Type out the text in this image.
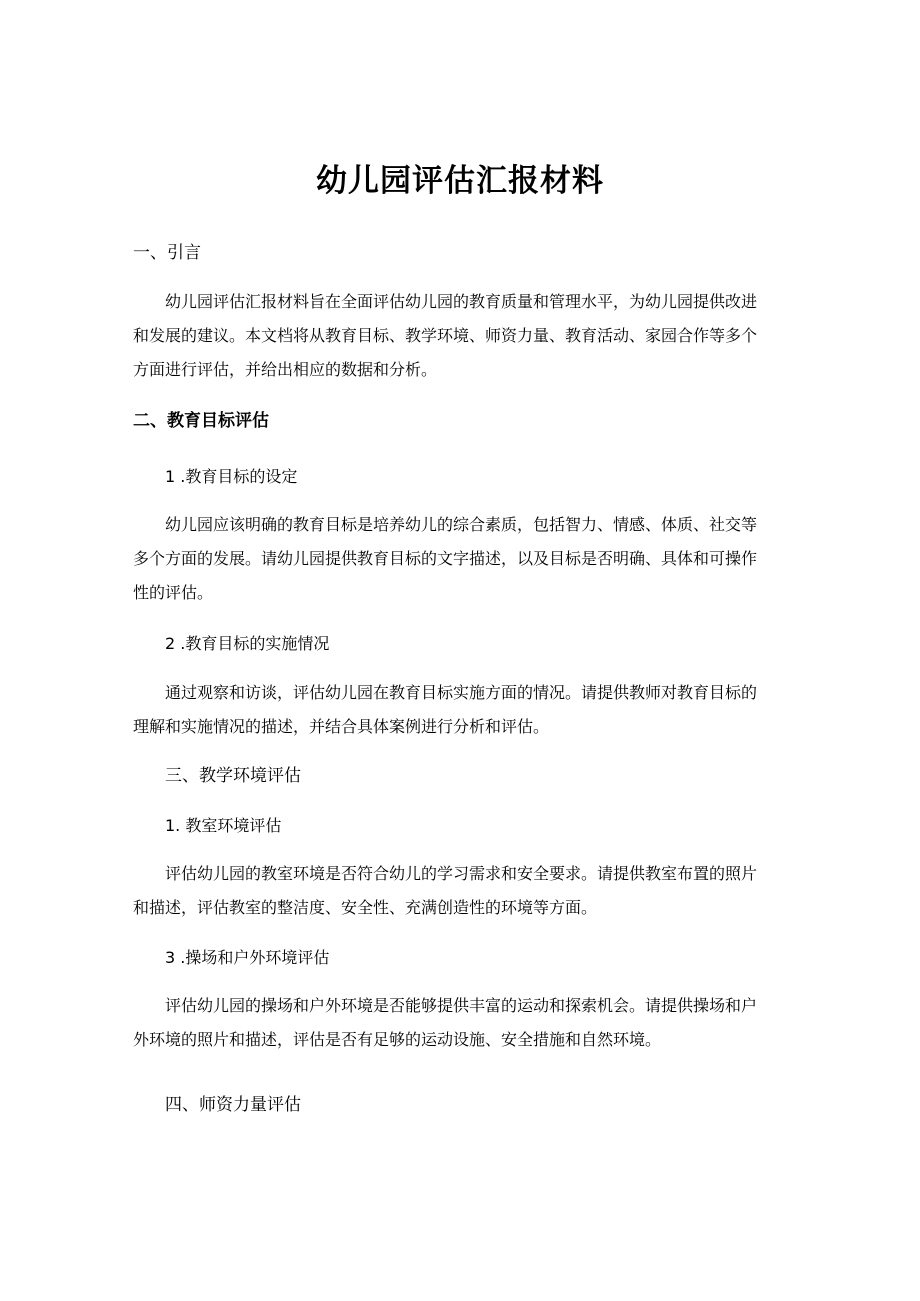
幼儿园评估汇报材料
一、引言
幼儿园评估汇报材料旨在全面评估幼儿园的教育质量和管理水平，为幼儿园提供改进
和发展的建议。本文档将从教育目标、教学环境、师资力量、教育活动、家园合作等多个
方面进行评估，并给出相应的数据和分析。
二、教育目标评估
1 .教育目标的设定
幼儿园应该明确的教育目标是培养幼儿的综合素质，包括智力、情感、体质、社交等
多个方面的发展。请幼儿园提供教育目标的文字描述，以及目标是否明确、具体和可操作
性的评估。
2 .教育目标的实施情况
通过观察和访谈，评估幼儿园在教育目标实施方面的情况。请提供教师对教育目标的
理解和实施情况的描述，并结合具体案例进行分析和评估。
三、教学环境评估
1. 教室环境评估
评估幼儿园的教室环境是否符合幼儿的学习需求和安全要求。请提供教室布置的照片
和描述，评估教室的整洁度、安全性、充满创造性的环境等方面。
3 .操场和户外环境评估
评估幼儿园的操场和户外环境是否能够提供丰富的运动和探索机会。请提供操场和户
外环境的照片和描述，评估是否有足够的运动设施、安全措施和自然环境。
四、师资力量评估
